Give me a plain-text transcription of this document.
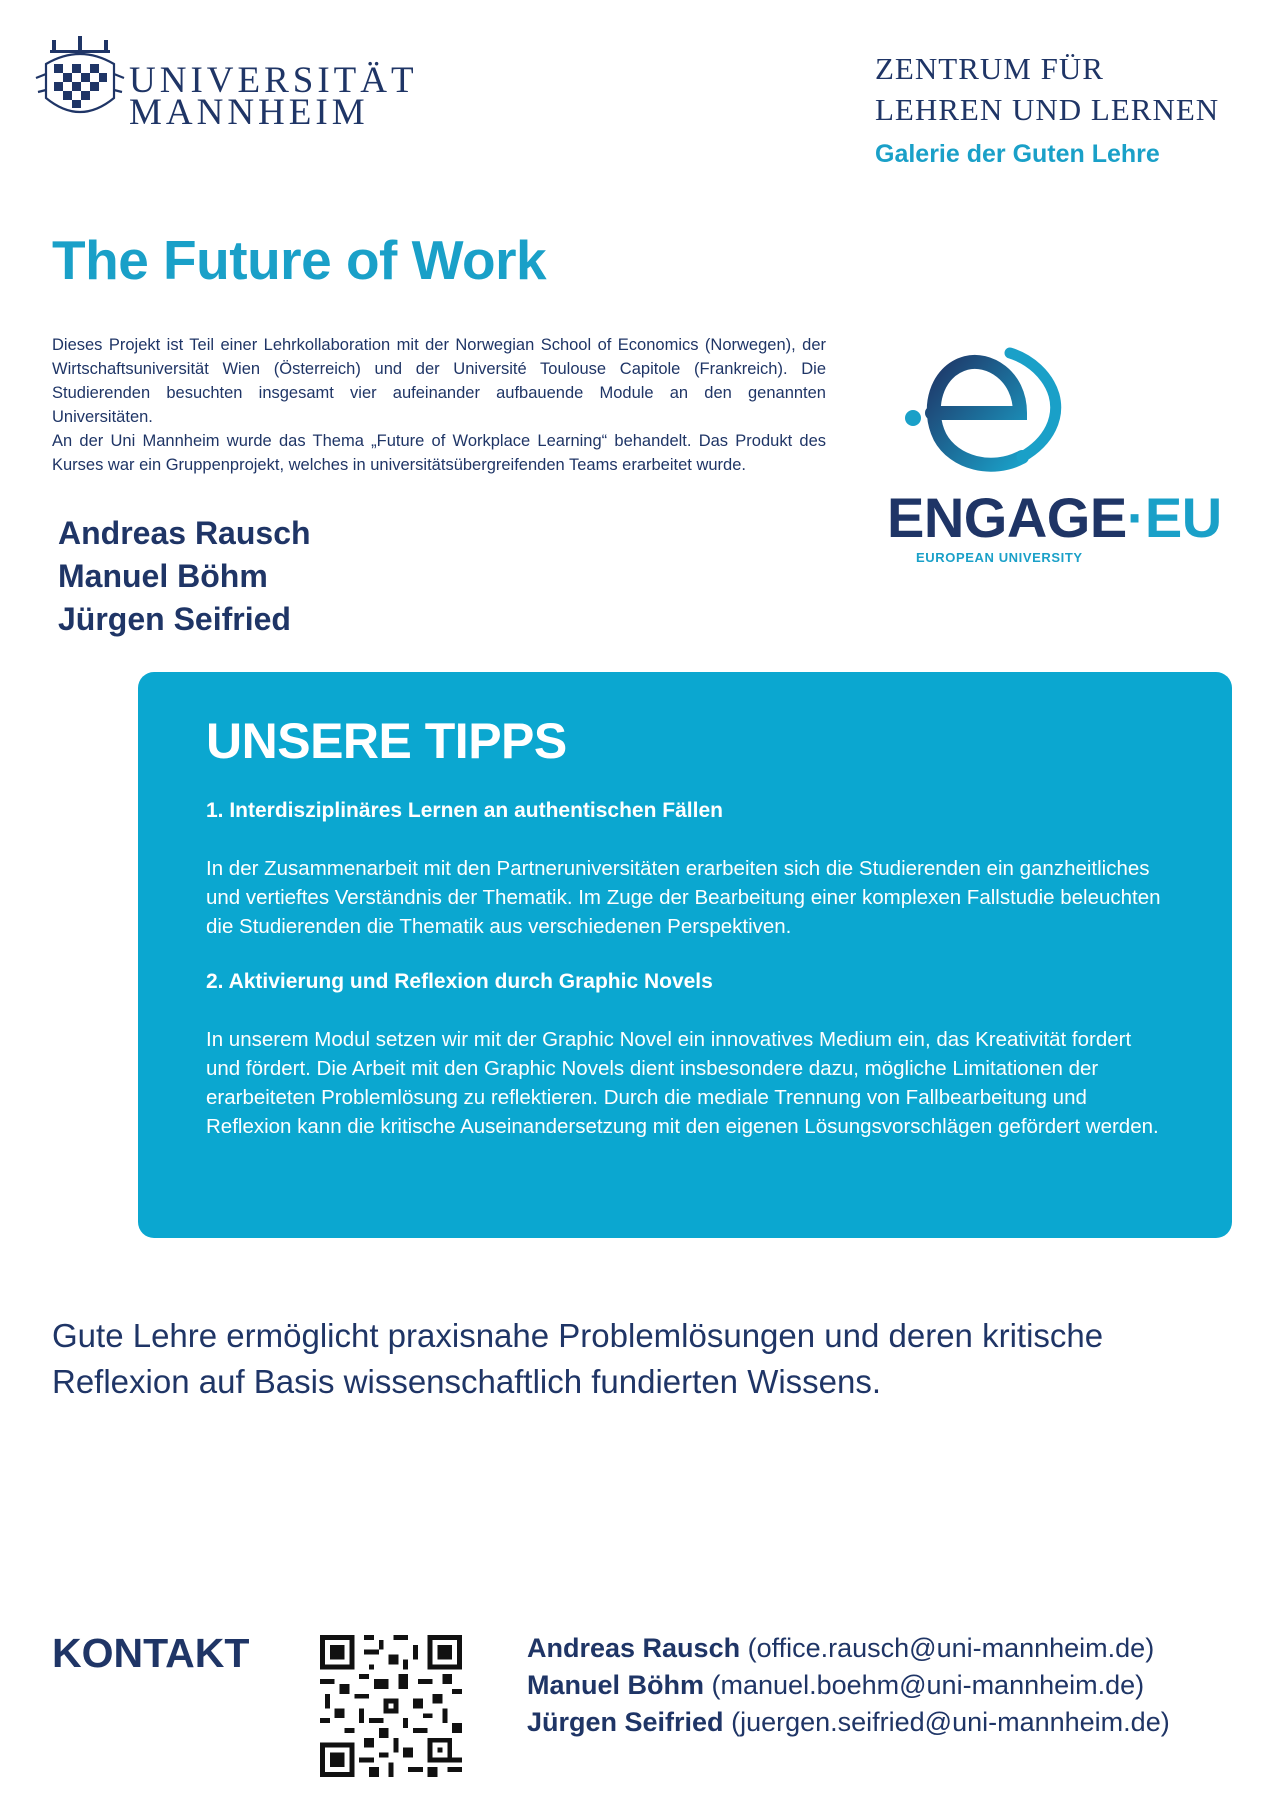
UNIVERSITÄT
MANNHEIM
ZENTRUM FÜR
LEHREN UND LERNEN
Galerie der Guten Lehre
The Future of Work

Dieses Projekt ist Teil einer Lehrkollaboration mit der Norwegian School of Economics (Norwegen), der Wirtschaftsuniversität Wien (Österreich) und der Université Toulouse Capitole (Frankreich). Die Studierenden besuchten insgesamt vier aufeinander aufbauende Module an den genannten Universitäten.

An der Uni Mannheim wurde das Thema „Future of Workplace Learning“ behandelt. Das Produkt des Kurses war ein Gruppenprojekt, welches in universitätsübergreifenden Teams erarbeitet wurde.

Andreas Rausch
Manuel Böhm
Jürgen Seifried
ENGAGE·EU
EUROPEAN UNIVERSITY
UNSERE TIPPS
1. Interdisziplinäres Lernen an authentischen Fällen

In der Zusammenarbeit mit den Partneruniversitäten erarbeiten sich die Studierenden ein ganzheitliches und vertieftes Verständnis der Thematik. Im Zuge der Bearbeitung einer komplexen Fallstudie beleuchten die Studierenden die Thematik aus verschiedenen Perspektiven.

2. Aktivierung und Reflexion durch Graphic Novels

In unserem Modul setzen wir mit der Graphic Novel ein innovatives Medium ein, das Kreativität fordert und fördert. Die Arbeit mit den Graphic Novels dient insbesondere dazu, mögliche Limitationen der erarbeiteten Problemlösung zu reflektieren. Durch die mediale Trennung von Fallbearbeitung und Reflexion kann die kritische Auseinandersetzung mit den eigenen Lösungsvorschlägen gefördert werden.

Gute Lehre ermöglicht praxisnahe Problemlösungen und deren kritische Reflexion auf Basis wissenschaftlich fundierten Wissens.
KONTAKT	Andreas Rausch (office.rausch@uni-mannheim.de)
Manuel Böhm (manuel.boehm@uni-mannheim.de)
Jürgen Seifried (juergen.seifried@uni-mannheim.de)
